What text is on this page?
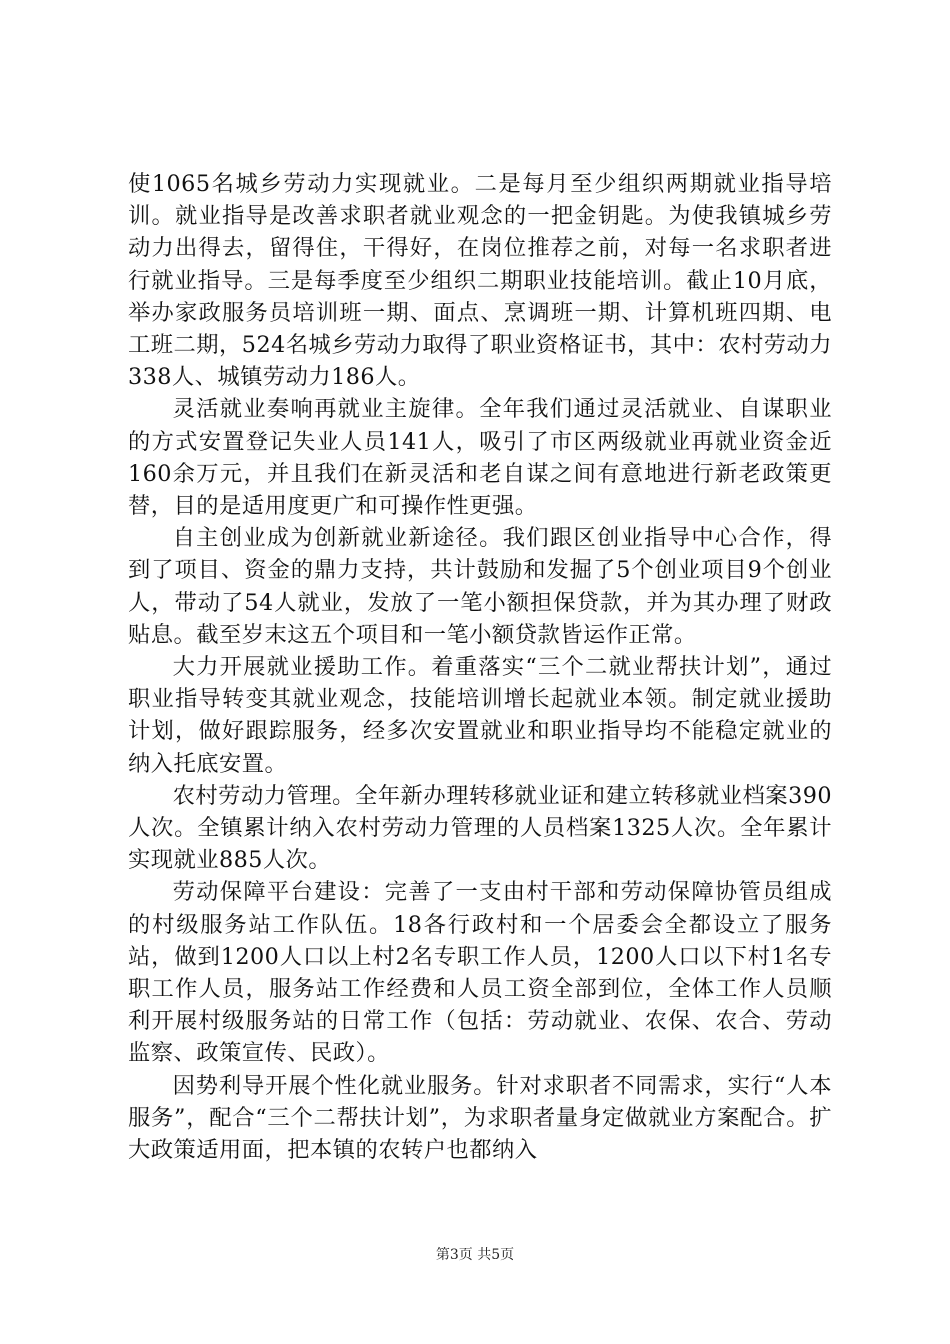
使1065名城乡劳动力实现就业。二是每月至少组织两期就业指导培训。就业指导是改善求职者就业观念的一把金钥匙。为使我镇城乡劳动力出得去，留得住，干得好，在岗位推荐之前，对每一名求职者进行就业指导。三是每季度至少组织二期职业技能培训。截止10月底，举办家政服务员培训班一期、面点、烹调班一期、计算机班四期、电工班二期，524名城乡劳动力取得了职业资格证书，其中：农村劳动力338人、城镇劳动力186人。

灵活就业奏响再就业主旋律。全年我们通过灵活就业、自谋职业的方式安置登记失业人员141人，吸引了市区两级就业再就业资金近160余万元，并且我们在新灵活和老自谋之间有意地进行新老政策更替，目的是适用度更广和可操作性更强。

自主创业成为创新就业新途径。我们跟区创业指导中心合作，得到了项目、资金的鼎力支持，共计鼓励和发掘了5个创业项目9个创业人，带动了54人就业，发放了一笔小额担保贷款，并为其办理了财政贴息。截至岁末这五个项目和一笔小额贷款皆运作正常。

大力开展就业援助工作。着重落实“三个二就业帮扶计划”，通过职业指导转变其就业观念，技能培训增长起就业本领。制定就业援助计划，做好跟踪服务，经多次安置就业和职业指导均不能稳定就业的纳入托底安置。

农村劳动力管理。全年新办理转移就业证和建立转移就业档案390人次。全镇累计纳入农村劳动力管理的人员档案1325人次。全年累计实现就业885人次。

劳动保障平台建设：完善了一支由村干部和劳动保障协管员组成的村级服务站工作队伍。18各行政村和一个居委会全都设立了服务站，做到1200人口以上村2名专职工作人员，1200人口以下村1名专职工作人员，服务站工作经费和人员工资全部到位，全体工作人员顺利开展村级服务站的日常工作（包括：劳动就业、农保、农合、劳动监察、政策宣传、民政）。

因势利导开展个性化就业服务。针对求职者不同需求，实行“人本服务”，配合“三个二帮扶计划”，为求职者量身定做就业方案配合。扩大政策适用面，把本镇的农转户也都纳入

第3页 共5页
